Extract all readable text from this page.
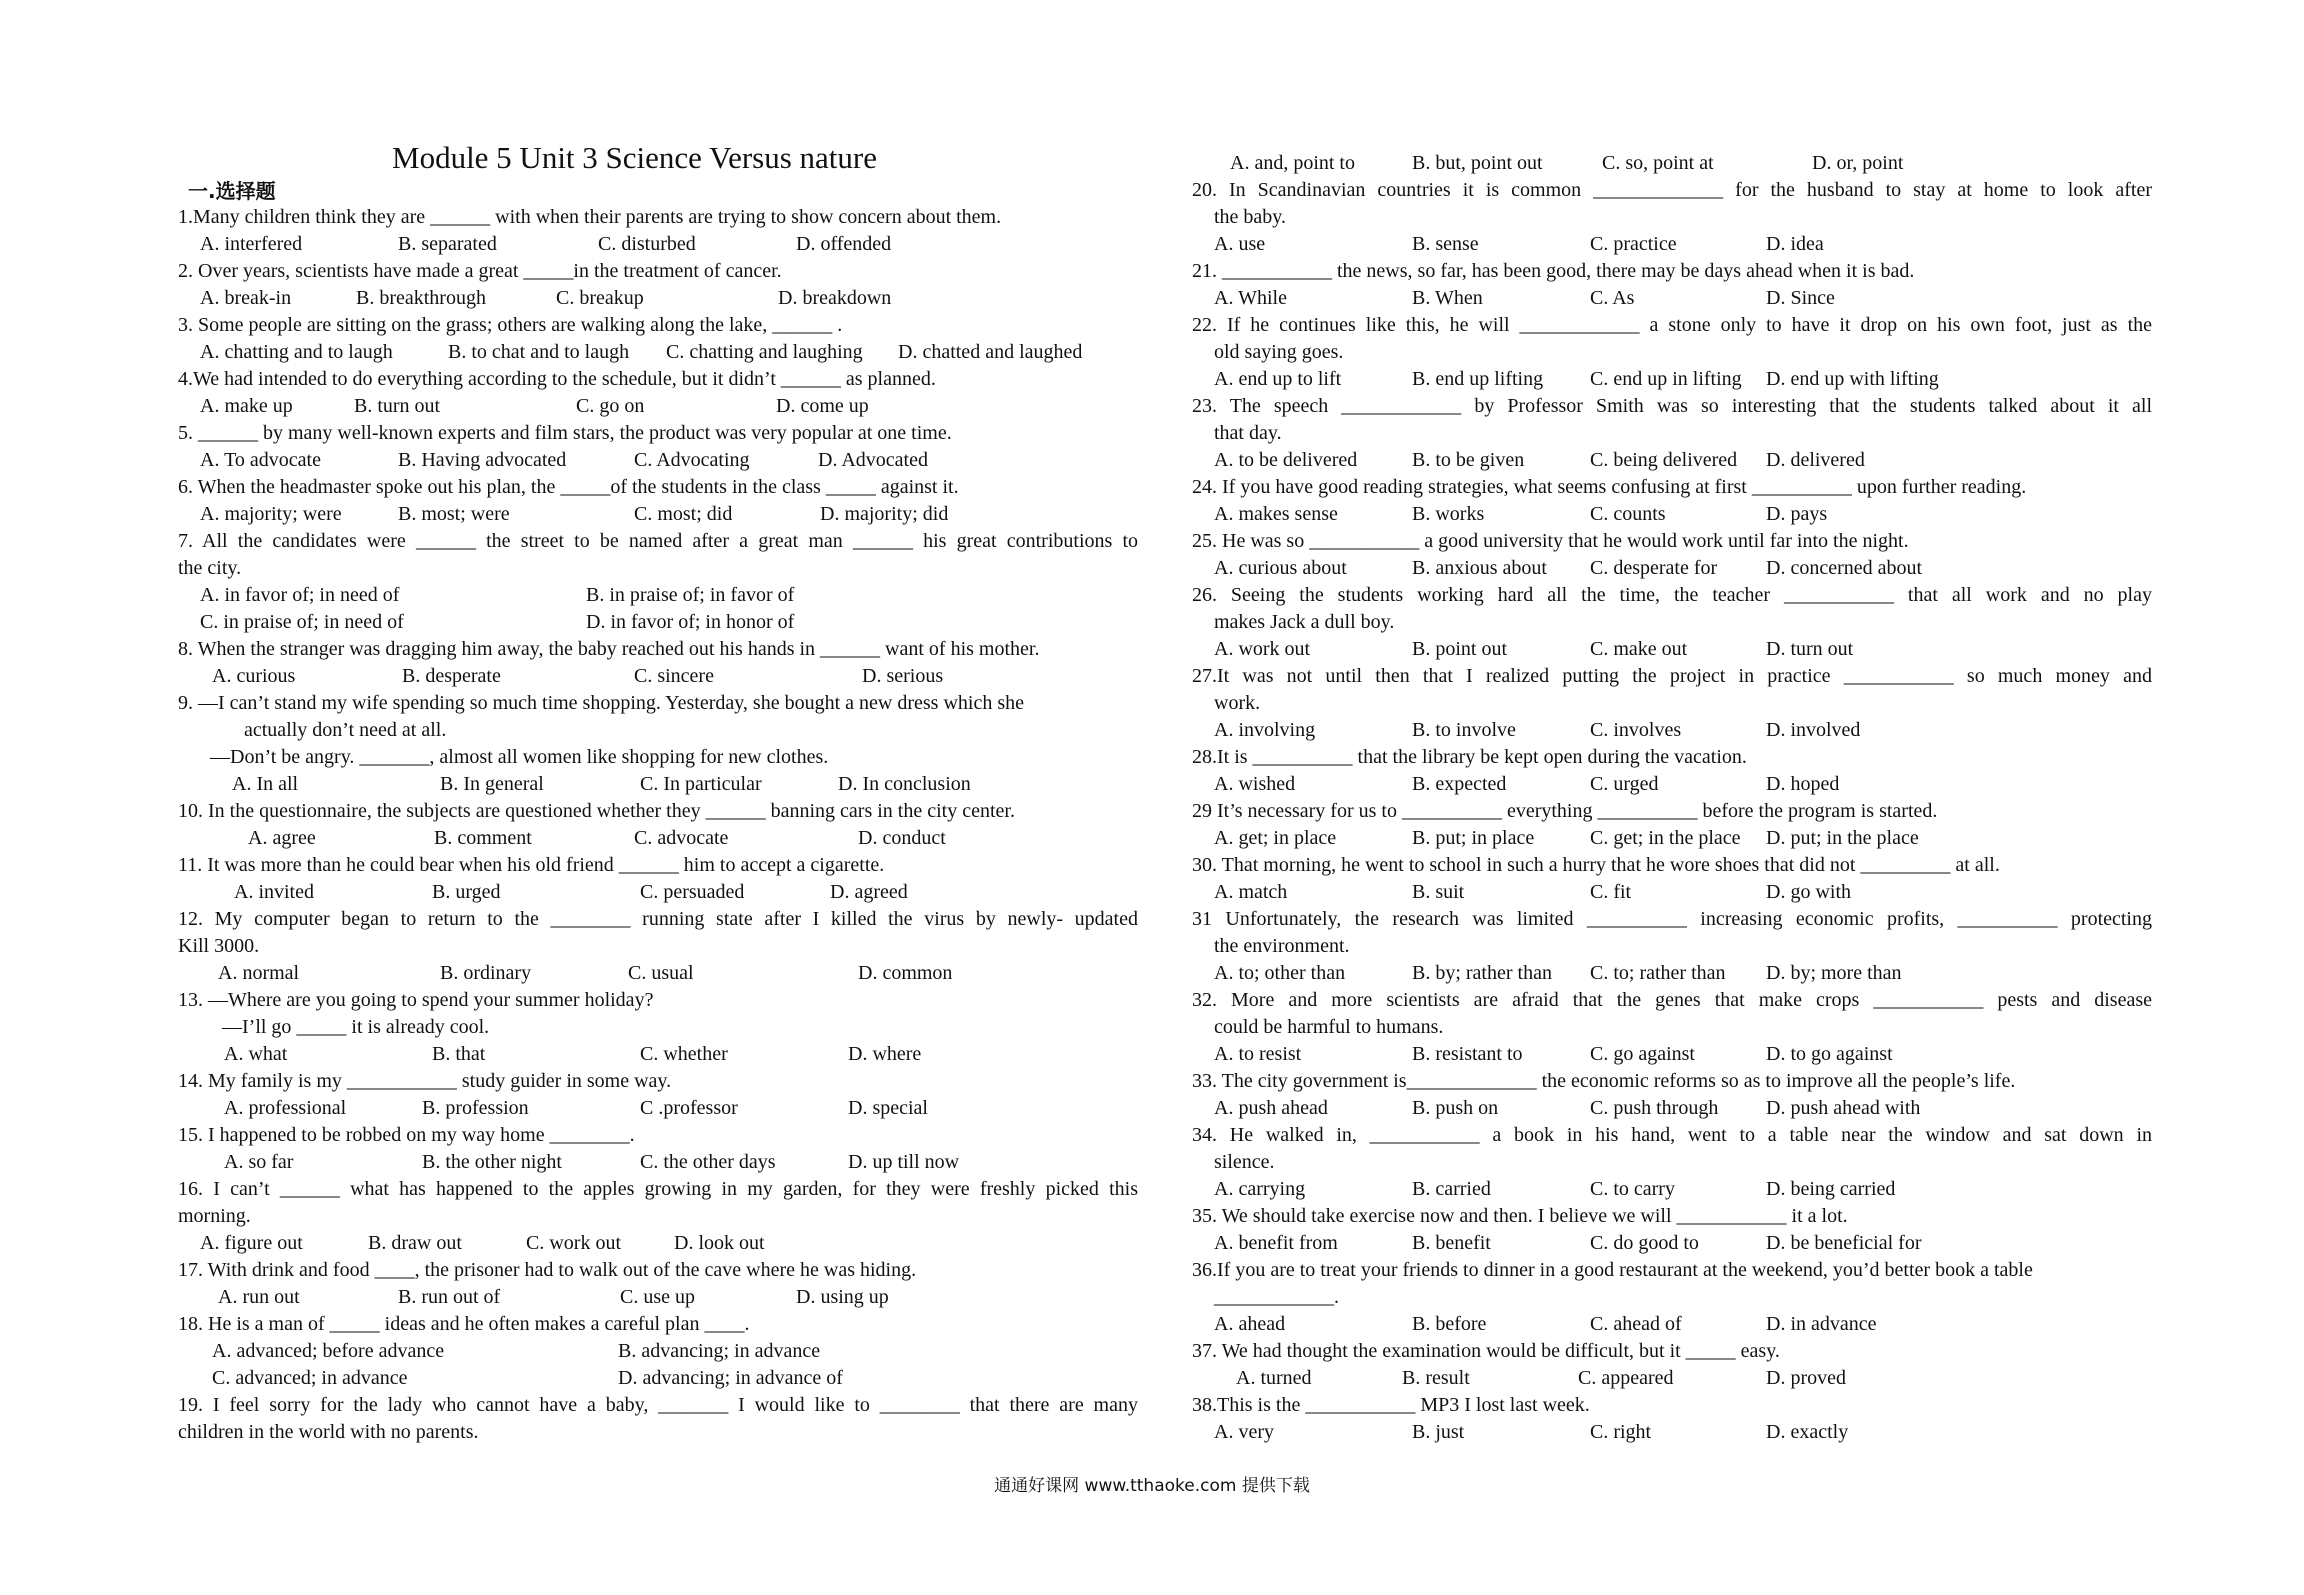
Module 5 Unit 3 Science Versus nature
一.选择题
1.Many children think they are ______ with when their parents are trying to show concern about them.
A. interfered	B. separated	C. disturbed	D. offended
2. Over years, scientists have made a great _____in the treatment of cancer.
A. break-in	B. breakthrough	C. breakup	D. breakdown
3. Some people are sitting on the grass; others are walking along the lake, ______ .
A. chatting and to laugh	B. to chat and to laugh C. chatting and laughing D. chatted and laughed
4.We had intended to do everything according to the schedule, but it didn’t ______ as planned.
A. make up	B. turn out	C. go on	D. come up
5. ______ by many well-known experts and film stars, the product was very popular at one time.
A. To advocate	B. Having advocated	C. Advocating	D. Advocated
6. When the headmaster spoke out his plan, the _____of the students in the class _____ against it.
A. majority; were	B. most; were	C. most; did	D. majority; did
7. All the candidates were ______ the street to be named after a great man ______ his great contributions to
the city.
A. in favor of; in need of	B. in praise of; in favor of
C. in praise of; in need of	D. in favor of; in honor of
8. When the stranger was dragging him away, the baby reached out his hands in ______ want of his mother.
A. curious	B. desperate	C. sincere	D. serious
9. —I can’t stand my wife spending so much time shopping. Yesterday, she bought a new dress which she
actually don’t need at all.
—Don’t be angry. _______, almost all women like shopping for new clothes.
A. In all	B. In general	C. In particular	D. In conclusion
10. In the questionnaire, the subjects are questioned whether they ______ banning cars in the city center.
A. agree	B. comment	C. advocate	D. conduct
11. It was more than he could bear when his old friend ______ him to accept a cigarette.
A. invited	B. urged	C. persuaded	D. agreed
12. My computer began to return to the ________ running state after I killed the virus by newly- updated
Kill 3000.
A. normal	B. ordinary	C. usual	D. common
13. —Where are you going to spend your summer holiday?
—I’ll go _____ it is already cool.
A. what	B. that	C. whether	D. where
14. My family is my ___________ study guider in some way.
A. professional	B. profession	C .professor	D. special
15. I happened to be robbed on my way home ________.
A. so far	B. the other night	C. the other days	D. up till now
16. I can’t ______ what has happened to the apples growing in my garden, for they were freshly picked this
morning.
A. figure out	B. draw out	C. work out	D. look out
17. With drink and food ____, the prisoner had to walk out of the cave where he was hiding.
A. run out	B. run out of	C. use up	D. using up
18. He is a man of _____ ideas and he often makes a careful plan ____.
A. advanced; before advance	B. advancing; in advance
C. advanced; in advance	D. advancing; in advance of
19. I feel sorry for the lady who cannot have a baby, _______ I would like to ________ that there are many
children in the world with no parents.
A. and, point to	B. but, point out	C. so, point at	D. or, point
20. In Scandinavian countries it is common _____________ for the husband to stay at home to look after
the baby.
A. use	B. sense	C. practice	D. idea
21. ___________ the news, so far, has been good, there may be days ahead when it is bad.
A. While	B. When	C. As	D. Since
22. If he continues like this, he will ____________ a stone only to have it drop on his own foot, just as the
old saying goes.
A. end up to lift	B. end up lifting C. end up in lifting D. end up with lifting
23. The speech ____________ by Professor Smith was so interesting that the students talked about it all
that day.
A. to be delivered	B. to be given	C. being delivered D. delivered
24. If you have good reading strategies, what seems confusing at first __________ upon further reading.
A. makes sense	B. works	C. counts	D. pays
25. He was so ___________ a good university that he would work until far into the night.
A. curious about	B. anxious about C. desperate for D. concerned about
26. Seeing the students working hard all the time, the teacher ___________ that all work and no play
makes Jack a dull boy.
A. work out	B. point out	C. make out	D. turn out
27.It was not until then that I realized putting the project in practice ___________ so much money and
work.
A. involving	B. to involve	C. involves	D. involved
28.It is __________ that the library be kept open during the vacation.
A. wished	B. expected	C. urged	D. hoped
29 It’s necessary for us to __________ everything __________ before the program is started.
A. get; in place	B. put; in place	C. get; in the place D. put; in the place
30. That morning, he went to school in such a hurry that he wore shoes that did not _________ at all.
A. match	B. suit	C. fit	D. go with
31 Unfortunately, the research was limited __________ increasing economic profits, __________ protecting
the environment.
A. to; other than	B. by; rather than C. to; rather than D. by; more than
32. More and more scientists are afraid that the genes that make crops ___________ pests and disease
could be harmful to humans.
A. to resist	B. resistant to	C. go against	D. to go against
33. The city government is_____________ the economic reforms so as to improve all the people’s life.
A. push ahead	B. push on	C. push through D. push ahead with
34. He walked in, ___________ a book in his hand, went to a table near the window and sat down in
silence.
A. carrying	B. carried	C. to carry	D. being carried
35. We should take exercise now and then. I believe we will ___________ it a lot.
A. benefit from	B. benefit	C. do good to	D. be beneficial for
36.If you are to treat your friends to dinner in a good restaurant at the weekend, you’d better book a table
____________.
A. ahead	B. before	C. ahead of	D. in advance
37. We had thought the examination would be difficult, but it _____ easy.
A. turned	B. result	C. appeared	D. proved
38.This is the ___________ MP3 I lost last week.
A. very	B. just	C. right	D. exactly
通通好课网 www.tthaoke.com 提供下载
